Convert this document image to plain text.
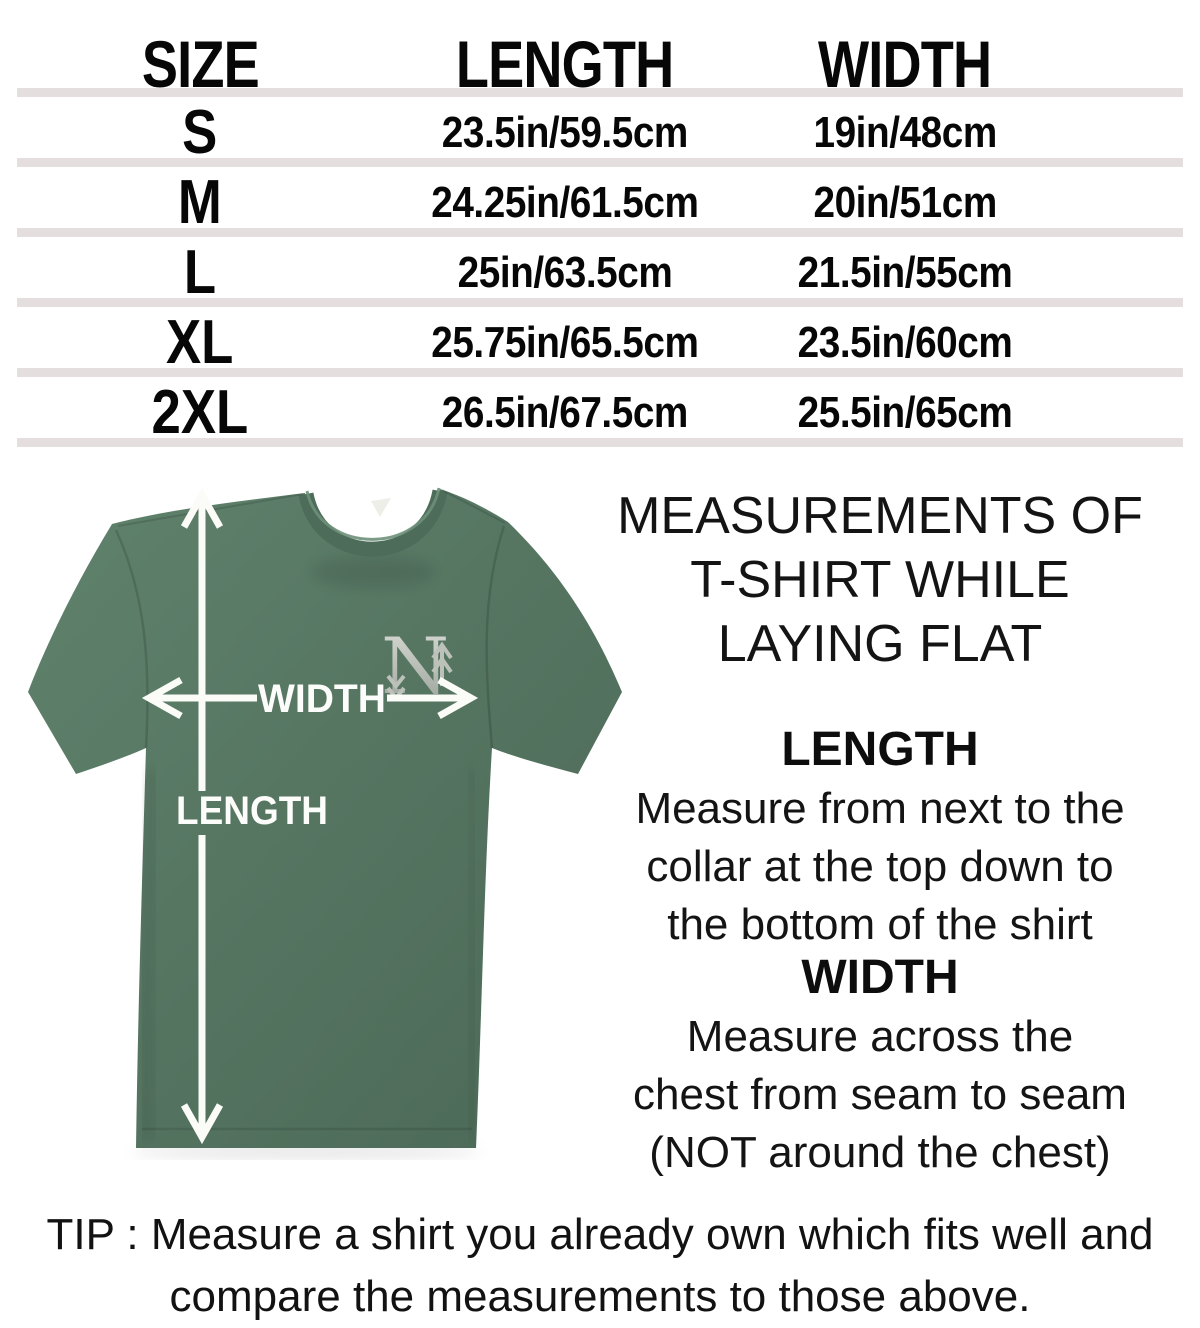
SIZE	LENGTH WIDTH
S	23.5in/59.5cm	19in/48cm
M	24.25in/61.5cm	20in/51cm
L	25in/63.5cm	21.5in/55cm
XL	25.75in/65.5cm 23.5in/60cm
2XL	26.5in/67.5cm 25.5in/65cm
N
WIDTH
LENGTH
MEASUREMENTS OF
T-SHIRT WHILE
LAYING FLAT
LENGTH
Measure from next to the
collar at the top down to
the bottom of the shirt
WIDTH
Measure across the
chest from seam to seam
(NOT around the chest)
TIP : Measure a shirt you already own which fits well and
compare the measurements to those above.
